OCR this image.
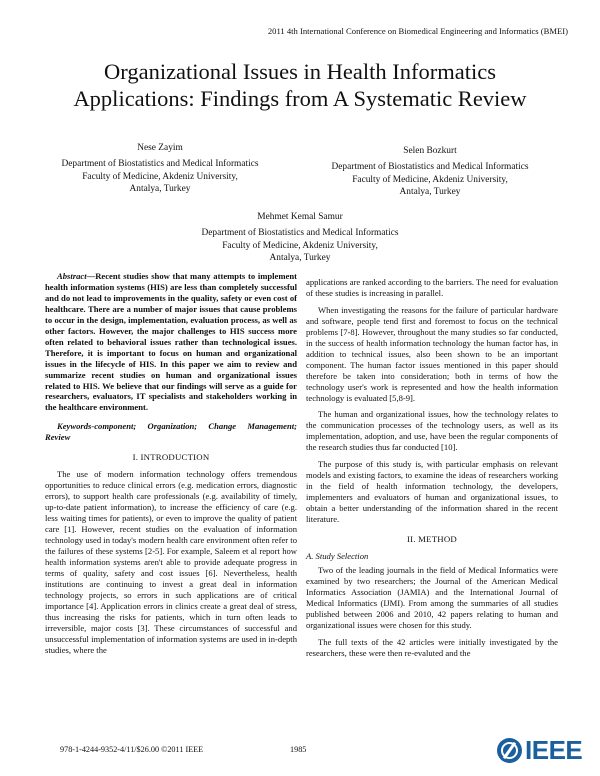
2011 4th International Conference on Biomedical Engineering and Informatics (BMEI)
Organizational Issues in Health Informatics
Applications: Findings from A Systematic Review
Nese Zayim
Department of Biostatistics and Medical Informatics
Faculty of Medicine, Akdeniz University,
Antalya, Turkey
Selen Bozkurt
Department of Biostatistics and Medical Informatics
Faculty of Medicine, Akdeniz University,
Antalya, Turkey
Mehmet Kemal Samur
Department of Biostatistics and Medical Informatics
Faculty of Medicine, Akdeniz University,
Antalya, Turkey

Abstract—Recent studies show that many attempts to implement health information systems (HIS) are less than completely successful and do not lead to improvements in the quality, safety or even cost of healthcare. There are a number of major issues that cause problems to occur in the design, implementation, evaluation process, as well as other factors. However, the major challenges to HIS success more often related to behavioral issues rather than technological issues. Therefore, it is important to focus on human and organizational issues in the lifecycle of HIS. In this paper we aim to review and summarize recent studies on human and organizational issues related to HIS. We believe that our findings will serve as a guide for researchers, evaluators, IT specialists and stakeholders working in the healthcare environment.

Keywords-component; Organization; Change Management; Review

I. INTRODUCTION

The use of modern information technology offers tremendous opportunities to reduce clinical errors (e.g. medication errors, diagnostic errors), to support health care professionals (e.g. availability of timely, up-to-date patient information), to increase the efficiency of care (e.g. less waiting times for patients), or even to improve the quality of patient care [1]. However, recent studies on the evaluation of information technology used in today's modern health care environment often refer to the failures of these systems [2-5]. For example, Saleem et al report how health information systems aren't able to provide adequate progress in terms of quality, safety and cost issues [6]. Nevertheless, health institutions are continuing to invest a great deal in information technology projects, so errors in such applications are of critical importance [4]. Application errors in clinics create a great deal of stress, thus increasing the risks for patients, which in turn often leads to irreversible, major costs [3]. These circumstances of successful and unsuccessful implementation of information systems are used in in-depth studies, where the

applications are ranked according to the barriers. The need for evaluation of these studies is increasing in parallel.

When investigating the reasons for the failure of particular hardware and software, people tend first and foremost to focus on the technical problems [7-8]. However, throughout the many studies so far conducted, in the success of health information technology the human factor has, in addition to technical issues, also been shown to be an important component. The human factor issues mentioned in this paper should therefore be taken into consideration; both in terms of how the technology user's work is represented and how the health information technology is evaluated [5,8-9].

The human and organizational issues, how the technology relates to the communication processes of the technology users, as well as its implementation, adoption, and use, have been the regular components of the research studies thus far conducted [10].

The purpose of this study is, with particular emphasis on relevant models and existing factors, to examine the ideas of researchers working in the field of health information technology, the developers, implementers and evaluators of human and organizational issues, to obtain a better understanding of the information shared in the recent literature.

II. METHOD
A. Study Selection

Two of the leading journals in the field of Medical Informatics were examined by two researchers; the Journal of the American Medical Informatics Association (JAMIA) and the International Journal of Medical Informatics (IJMI). From among the summaries of all studies published between 2006 and 2010, 42 papers relating to human and organizational issues were chosen for this study.

The full texts of the 42 articles were initially investigated by the researchers, these were then re-evaluted and the

978-1-4244-9352-4/11/$26.00 ©2011 IEEE	1985	IEEE
